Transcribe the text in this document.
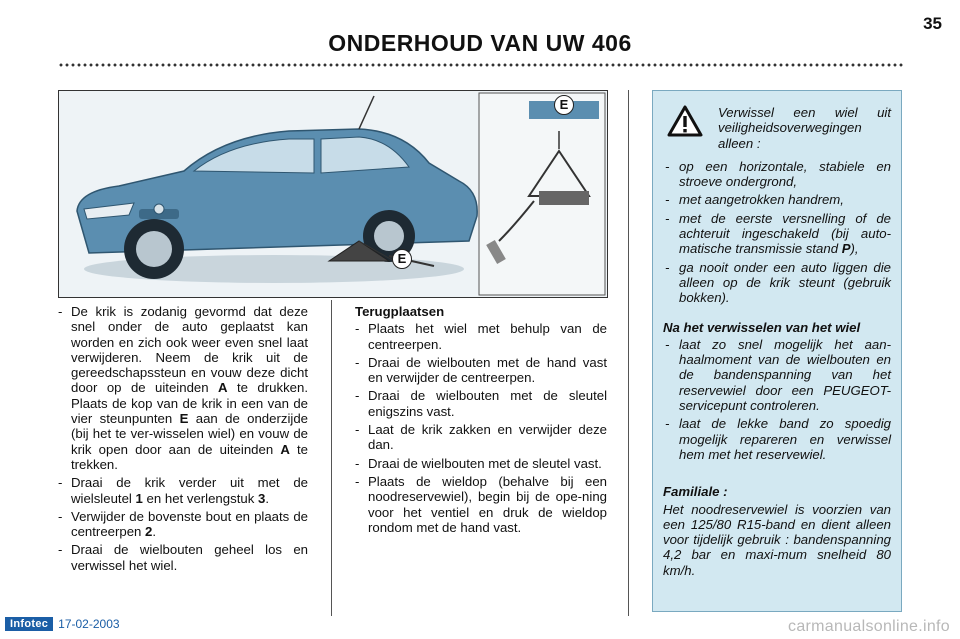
35
ONDERHOUD VAN UW 406
E
E
- De krik is zodanig gevormd dat deze snel onder de auto geplaatst kan worden en zich ook weer even snel laat verwijderen. Neem de krik uit de gereedschapssteun en vouw deze dicht door op de uiteinden A te drukken. Plaats de kop van de krik in een van de vier steunpunten E aan de onderzijde (bij het te ver-wisselen wiel) en vouw de krik open door aan de uiteinden A te trekken.
- Draai de krik verder uit met de wielsleutel 1 en het verlengstuk 3.
- Verwijder de bovenste bout en plaats de centreerpen 2.
- Draai de wielbouten geheel los en verwissel het wiel.
Terugplaatsen
- Plaats het wiel met behulp van de centreerpen.
- Draai de wielbouten met de hand vast en verwijder de centreerpen.
- Draai de wielbouten met de sleutel enigszins vast.
- Laat de krik zakken en verwijder deze dan.
- Draai de wielbouten met de sleutel vast.
- Plaats de wieldop (behalve bij een noodreservewiel), begin bij de ope-ning voor het ventiel en druk de wieldop rondom met de hand vast.
Verwissel een wiel uit veiligheidsoverwegingen alleen :
- op een horizontale, stabiele en stroeve ondergrond,
- met aangetrokken handrem,
- met de eerste versnelling of de achteruit ingeschakeld (bij auto-matische transmissie stand P),
- ga nooit onder een auto liggen die alleen op de krik steunt (gebruik bokken).
Na het verwisselen van het wiel
- laat zo snel mogelijk het aan-haalmoment van de wielbouten en de bandenspanning van het reservewiel door een PEUGEOT-servicepunt controleren.
- laat de lekke band zo spoedig mogelijk repareren en verwissel hem met het reservewiel.
Familiale :
Het noodreservewiel is voorzien van een 125/80 R15-band en dient alleen voor tijdelijk gebruik : bandenspanning 4,2 bar en maxi-mum snelheid 80 km/h.
Infotec 17-02-2003	carmanualsonline.info
